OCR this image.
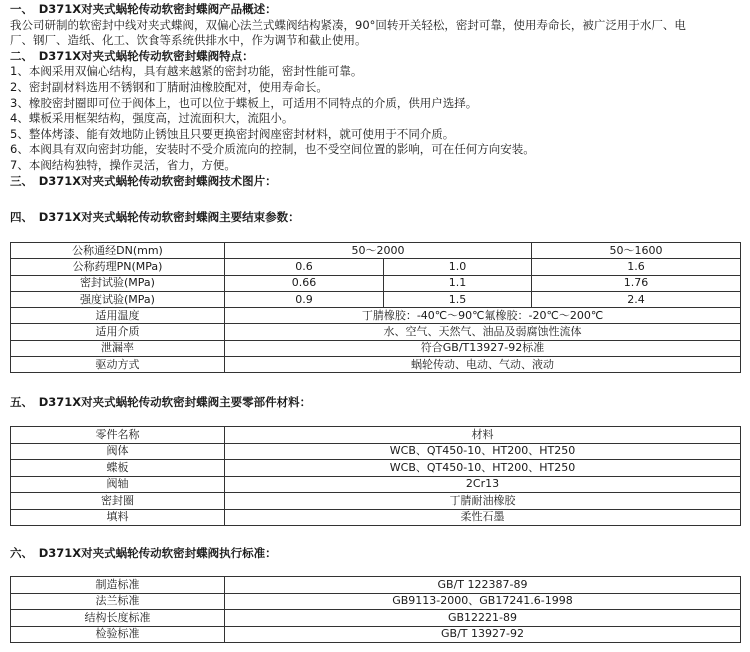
一、　D371X对夹式蜗轮传动软密封蝶阀产品概述：

我公司研制的软密封中线对夹式蝶阀，双偏心法兰式蝶阀结构紧凑，90°回转开关轻松，密封可靠，使用寿命长，被广泛用于水厂、电

厂、钢厂、造纸、化工、饮食等系统供排水中，作为调节和截止使用。

二、　D371X对夹式蜗轮传动软密封蝶阀特点：

1、本阀采用双偏心结构，具有越来越紧的密封功能，密封性能可靠。

2、密封副材料选用不锈钢和丁腈耐油橡胶配对，使用寿命长。

3、橡胶密封圈即可位于阀体上，也可以位于蝶板上，可适用不同特点的介质，供用户选择。

4、蝶板采用框架结构，强度高，过流面积大，流阻小。

5、整体烤漆、能有效地防止锈蚀且只要更换密封阀座密封材料，就可使用于不同介质。

6、本阀具有双向密封功能，安装时不受介质流向的控制，也不受空间位置的影响，可在任何方向安装。

7、本阀结构独特，操作灵活，省力，方便。

三、　D371X对夹式蜗轮传动软密封蝶阀技术图片：

四、　D371X对夹式蜗轮传动软密封蝶阀主要结束参数：
公称通经DN(mm)	50～2000		50～1600
公称药理PN(MPa)	0.6	1.0	1.6
密封试验(MPa)	0.66	1.1	1.76
强度试验(MPa)	0.9	1.5	2.4
适用温度	丁腈橡胶：-40℃～90℃氟橡胶：-20℃～200℃		
适用介质	水、空气、天然气、油品及弱腐蚀性流体		
泄漏率	符合GB/T13927-92标准		
驱动方式	蜗轮传动、电动、气动、液动		
五、　D371X对夹式蜗轮传动软密封蝶阀主要零部件材料：
零件名称	材料
阀体	WCB、QT450-10、HT200、HT250
蝶板	WCB、QT450-10、HT200、HT250
阀轴	2Cr13
密封圈	丁腈耐油橡胶
填料	柔性石墨
六、　D371X对夹式蜗轮传动软密封蝶阀执行标准：
制造标准	GB/T 122387-89
法兰标准	GB9113-2000、GB17241.6-1998
结构长度标准	GB12221-89
检验标准	GB/T 13927-92
